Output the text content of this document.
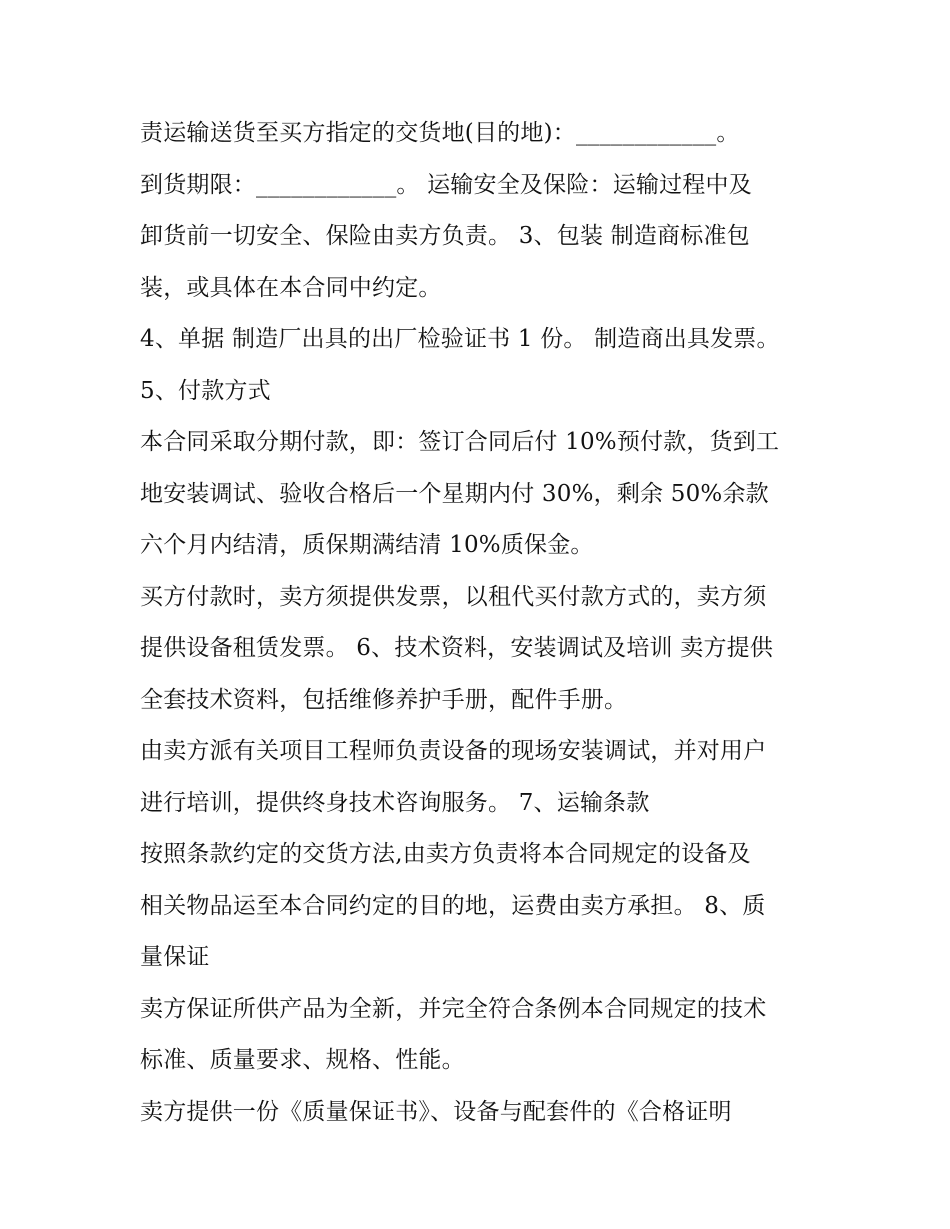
责运输送货至买方指定的交货地(目的地)：____________。
到货期限：____________。 运输安全及保险：运输过程中及
卸货前一切安全、保险由卖方负责。 3、包装 制造商标准包
装，或具体在本合同中约定。
4、单据 制造厂出具的出厂检验证书 1 份。 制造商出具发票。
5、付款方式
本合同采取分期付款，即：签订合同后付 10%预付款，货到工
地安装调试、验收合格后一个星期内付 30%，剩余 50%余款
六个月内结清，质保期满结清 10%质保金。
买方付款时，卖方须提供发票，以租代买付款方式的，卖方须
提供设备租赁发票。 6、技术资料，安装调试及培训 卖方提供
全套技术资料，包括维修养护手册，配件手册。
由卖方派有关项目工程师负责设备的现场安装调试，并对用户
进行培训，提供终身技术咨询服务。 7、运输条款
按照条款约定的交货方法,由卖方负责将本合同规定的设备及
相关物品运至本合同约定的目的地，运费由卖方承担。 8、质
量保证
卖方保证所供产品为全新，并完全符合条例本合同规定的技术
标准、质量要求、规格、性能。
卖方提供一份《质量保证书》、设备与配套件的《合格证明
